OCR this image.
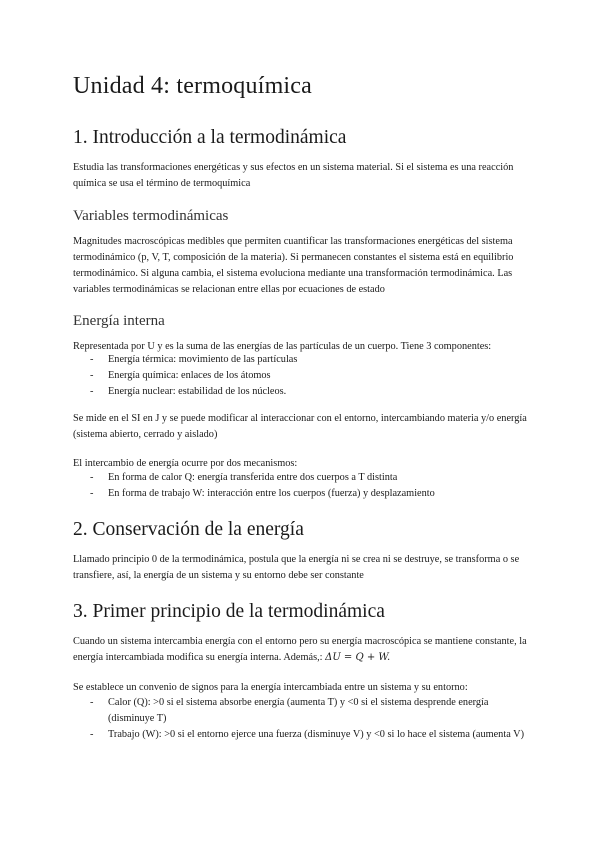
Unidad 4: termoquímica
1. Introducción a la termodinámica

Estudia las transformaciones energéticas y sus efectos en un sistema material. Si el sistema es una reacción química se usa el término de termoquímica

Variables termodinámicas

Magnitudes macroscópicas medibles que permiten cuantificar las transformaciones energéticas del sistema termodinámico (p, V, T, composición de la materia). Si permanecen constantes el sistema está en equilibrio termodinámico. Si alguna cambia, el sistema evoluciona mediante una transformación termodinámica. Las variables termodinámicas se relacionan entre ellas por ecuaciones de estado

Energía interna

Representada por U y es la suma de las energías de las partículas de un cuerpo. Tiene 3 componentes:

- Energía térmica: movimiento de las partículas
- Energía química: enlaces de los átomos
- Energía nuclear: estabilidad de los núcleos.

Se mide en el SI en J y se puede modificar al interaccionar con el entorno, intercambiando materia y/o energía (sistema abierto, cerrado y aislado)

El intercambio de energía ocurre por dos mecanismos:

- En forma de calor Q: energía transferida entre dos cuerpos a T distinta
- En forma de trabajo W: interacción entre los cuerpos (fuerza) y desplazamiento
2. Conservación de la energía

Llamado principio 0 de la termodinámica, postula que la energía ni se crea ni se destruye, se transforma o se transfiere, así, la energía de un sistema y su entorno debe ser constante

3. Primer principio de la termodinámica

Cuando un sistema intercambia energía con el entorno pero su energía macroscópica se mantiene constante, la energía intercambiada modifica su energía interna. Además,: ΔU = Q + W.

Se establece un convenio de signos para la energía intercambiada entre un sistema y su entorno:

- Calor (Q): >0 si el sistema absorbe energía (aumenta T) y <0 si el sistema desprende energía (disminuye T)
- Trabajo (W): >0 si el entorno ejerce una fuerza (disminuye V) y <0 si lo hace el sistema (aumenta V)
